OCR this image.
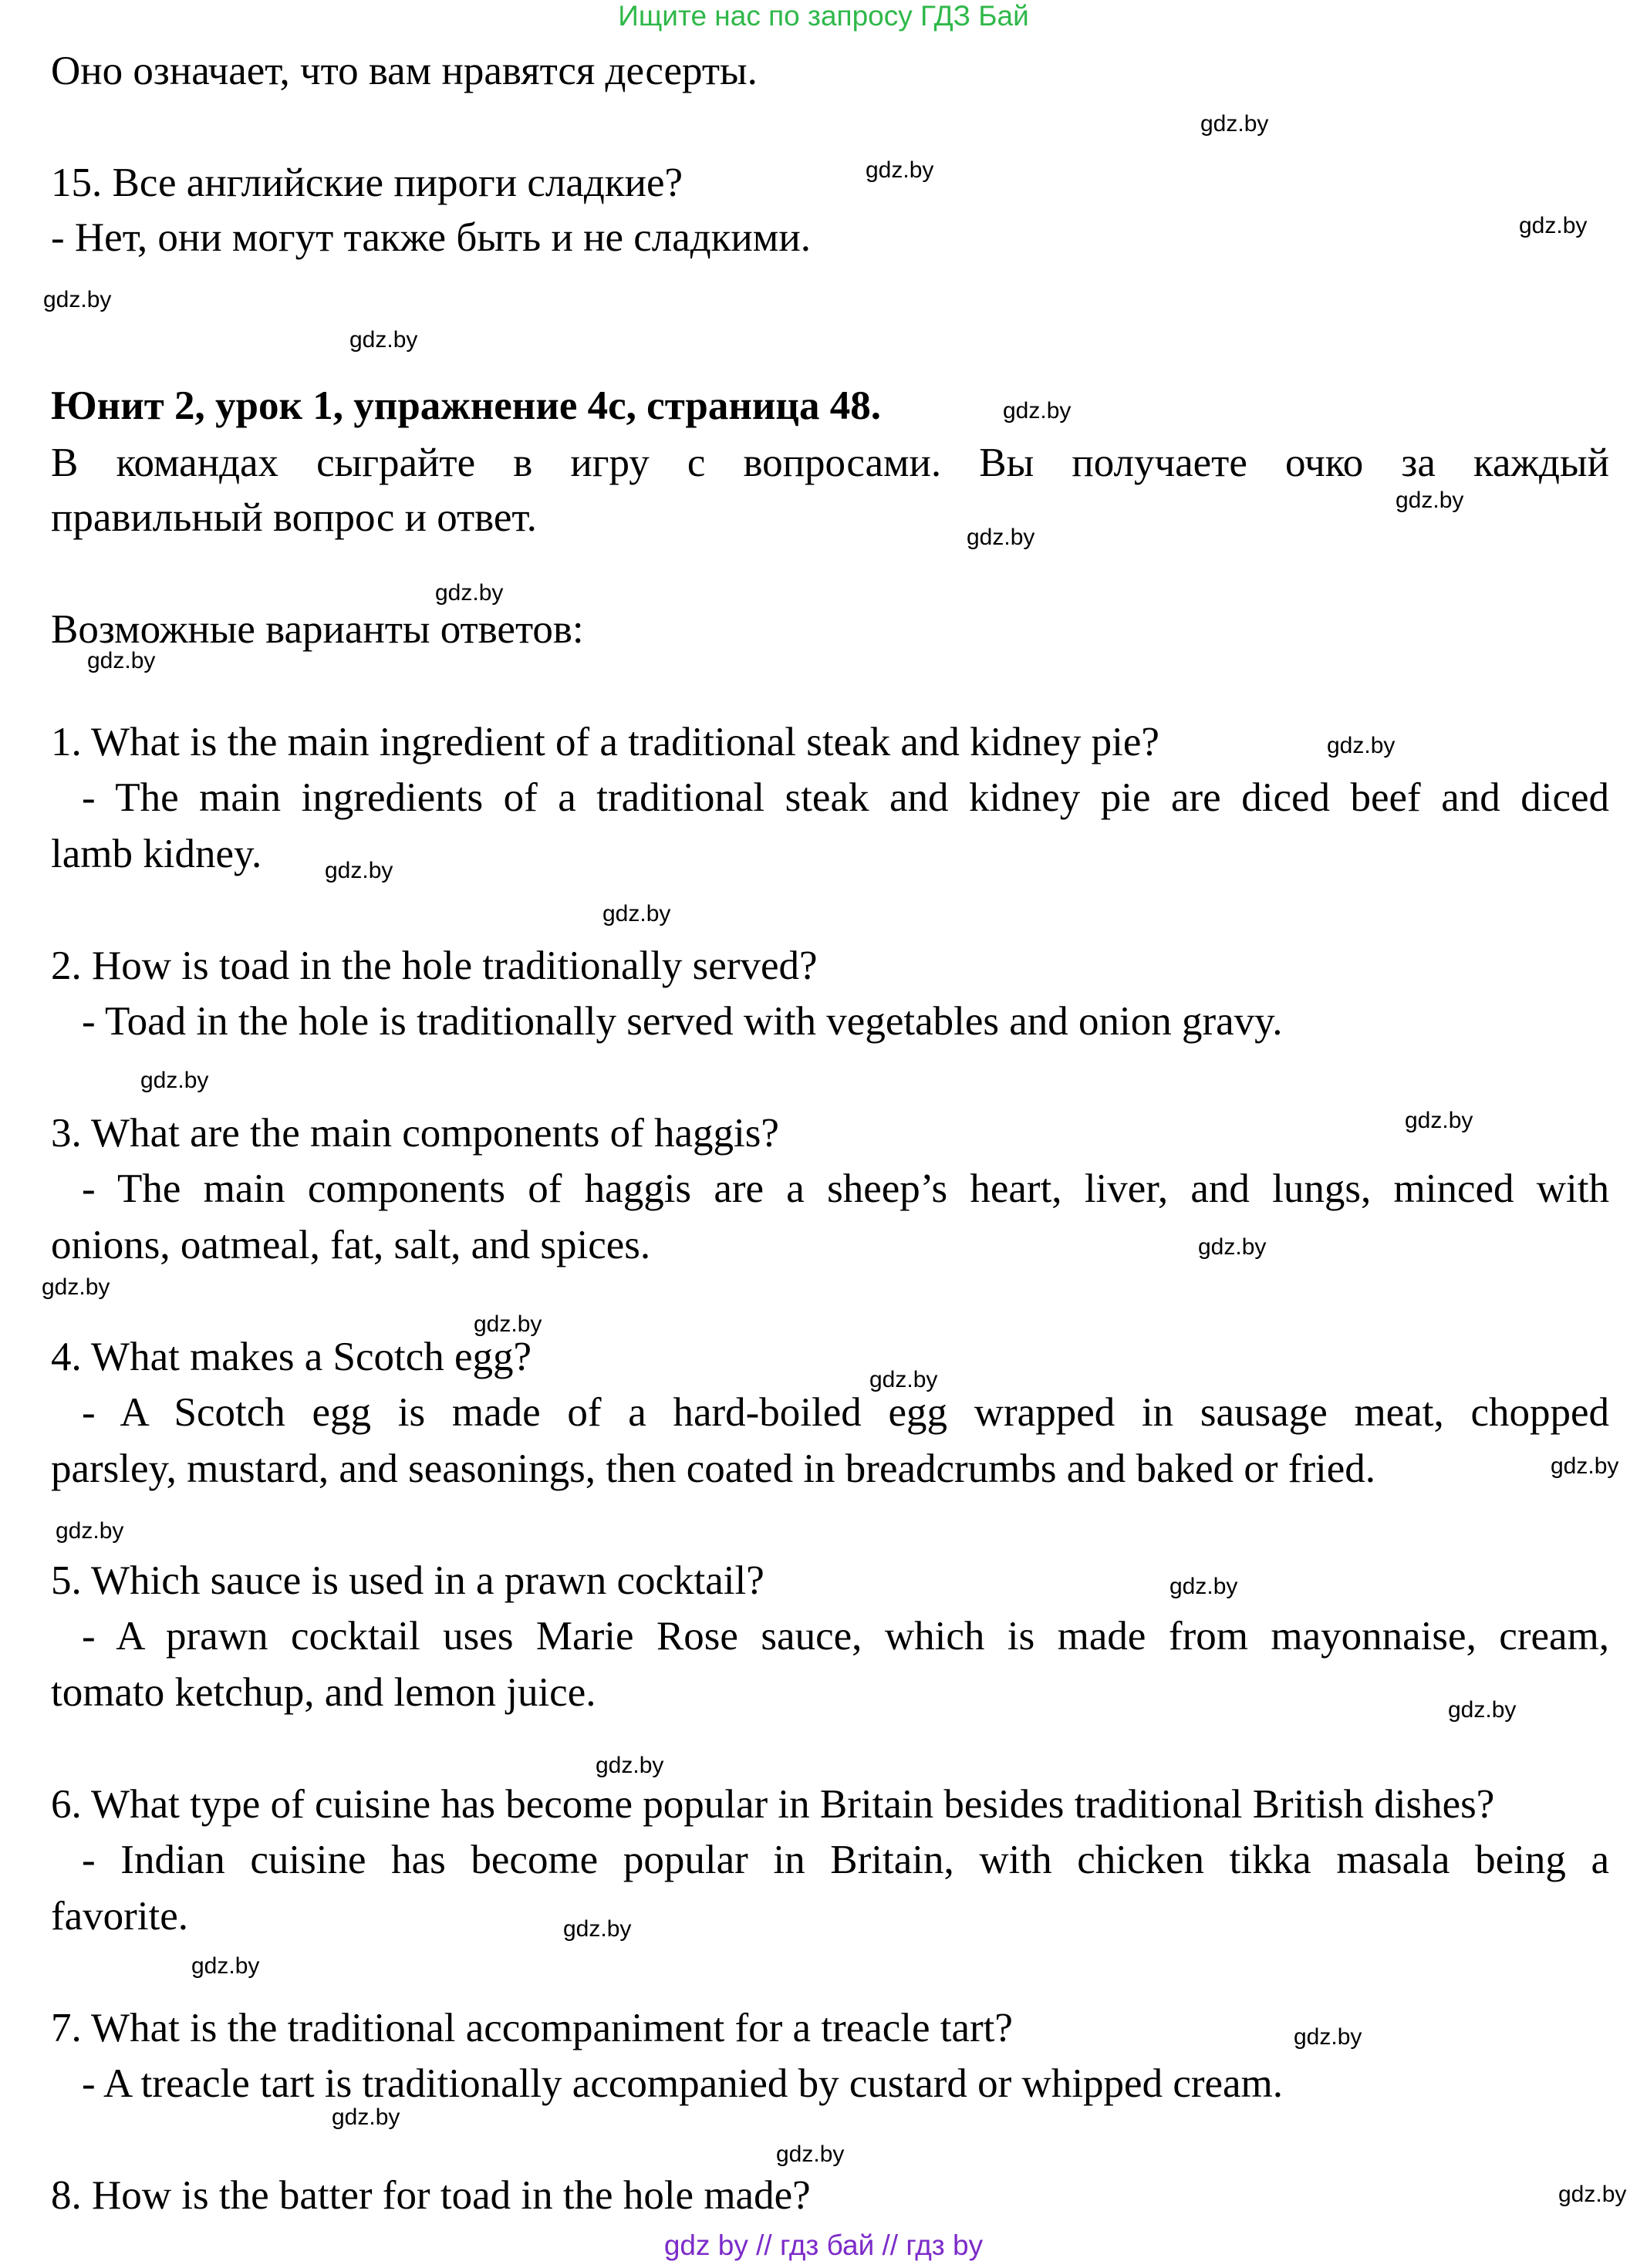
Ищите нас по запросу ГДЗ Бай
Оно означает, что вам нравятся десерты.
15. Все английские пироги сладкие?
- Нет, они могут также быть и не сладкими.
Юнит 2, урок 1, упражнение 4с, страница 48.
В командах сыграйте в игру с вопросами. Вы получаете очко за каждый
правильный вопрос и ответ.
Возможные варианты ответов:
1. What is the main ingredient of a traditional steak and kidney pie?
- The main ingredients of a traditional steak and kidney pie are diced beef and diced
lamb kidney.
2. How is toad in the hole traditionally served?
- Toad in the hole is traditionally served with vegetables and onion gravy.
3. What are the main components of haggis?
- The main components of haggis are a sheep’s heart, liver, and lungs, minced with
onions, oatmeal, fat, salt, and spices.
4. What makes a Scotch egg?
- A Scotch egg is made of a hard-boiled egg wrapped in sausage meat, chopped
parsley, mustard, and seasonings, then coated in breadcrumbs and baked or fried.
5. Which sauce is used in a prawn cocktail?
- A prawn cocktail uses Marie Rose sauce, which is made from mayonnaise, cream,
tomato ketchup, and lemon juice.
6. What type of cuisine has become popular in Britain besides traditional British dishes?
- Indian cuisine has become popular in Britain, with chicken tikka masala being a
favorite.
7. What is the traditional accompaniment for a treacle tart?
- A treacle tart is traditionally accompanied by custard or whipped cream.
8. How is the batter for toad in the hole made?
gdz.by
gdz.by
gdz.by
gdz.by
gdz.by
gdz.by
gdz.by
gdz.by
gdz.by
gdz.by
gdz.by
gdz.by
gdz.by
gdz.by
gdz.by
gdz.by
gdz.by
gdz.by
gdz.by
gdz.by
gdz.by
gdz.by
gdz.by
gdz.by
gdz.by
gdz.by
gdz.by
gdz.by
gdz.by
gdz.by
gdz by // гдз бай // гдз by
